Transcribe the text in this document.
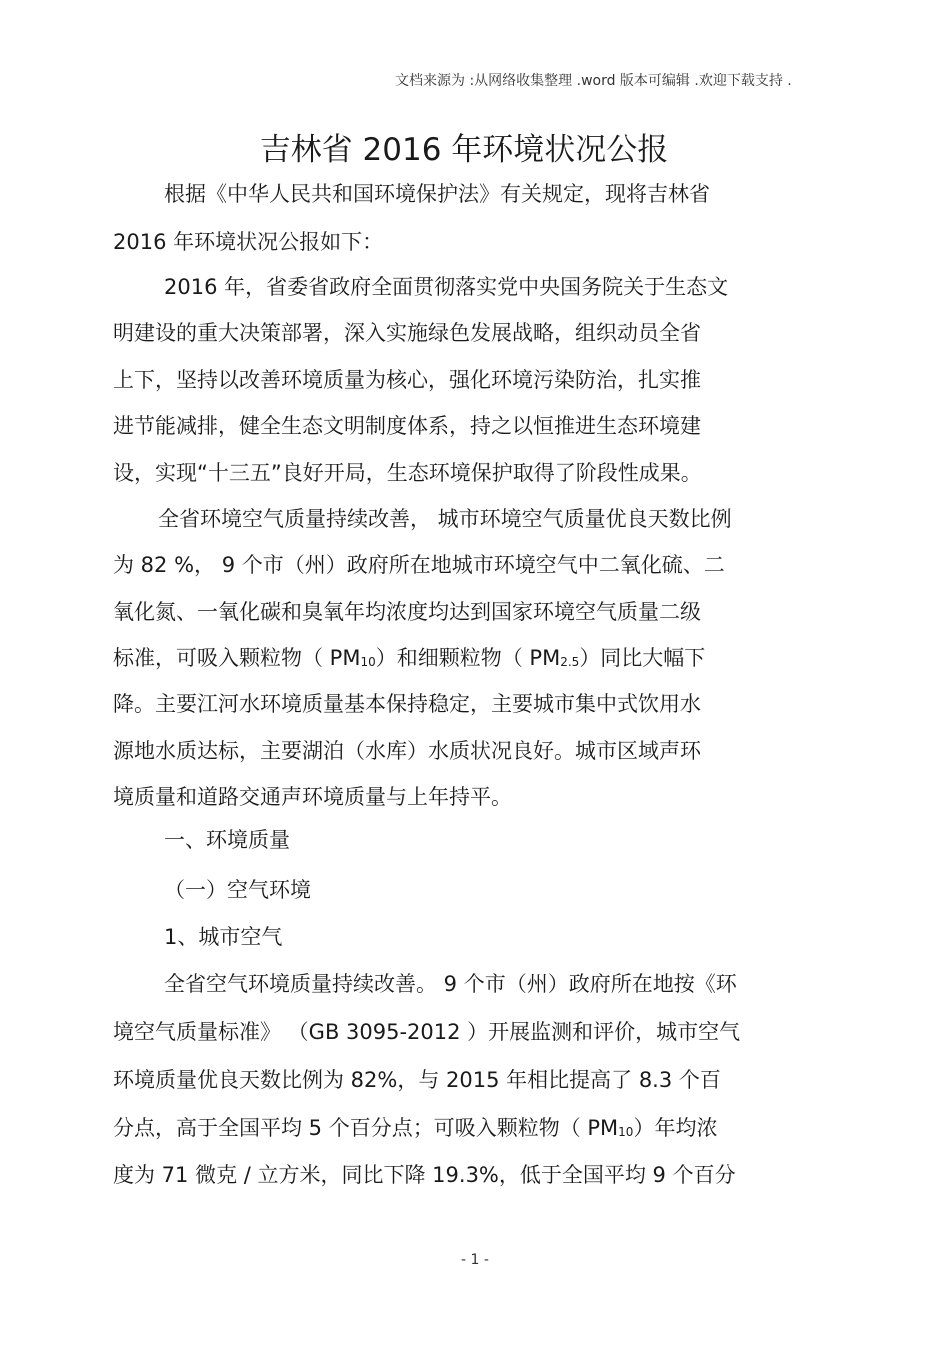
文档来源为 :从网络收集整理 .word 版本可编辑 .欢迎下载支持 .
吉林省 2016 年环境状况公报
根据《中华人民共和国环境保护法》有关规定，现将吉林省
2016 年环境状况公报如下：
2016 年，省委省政府全面贯彻落实党中央国务院关于生态文
明建设的重大决策部署，深入实施绿色发展战略，组织动员全省
上下，坚持以改善环境质量为核心，强化环境污染防治，扎实推
进节能减排，健全生态文明制度体系，持之以恒推进生态环境建
设，实现“十三五”良好开局，生态环境保护取得了阶段性成果。
全省环境空气质量持续改善， 城市环境空气质量优良天数比例
为 82 %， 9 个市（州）政府所在地城市环境空气中二氧化硫、二
氧化氮、一氧化碳和臭氧年均浓度均达到国家环境空气质量二级
标准，可吸入颗粒物（ $PM_{10}$）和细颗粒物（ $PM_{2.5}$）同比大幅下
降。主要江河水环境质量基本保持稳定，主要城市集中式饮用水
源地水质达标，主要湖泊（水库）水质状况良好。城市区域声环
境质量和道路交通声环境质量与上年持平。
一、环境质量
（一）空气环境
1、城市空气
全省空气环境质量持续改善。 9 个市（州）政府所在地按《环
境空气质量标准》 （GB 3095-2012 ）开展监测和评价，城市空气
环境质量优良天数比例为 82%，与 2015 年相比提高了 8.3 个百
分点，高于全国平均 5 个百分点；可吸入颗粒物（ $PM_{10}$）年均浓
度为 71 微克 / 立方米，同比下降 19.3%，低于全国平均 9 个百分
- 1 -
